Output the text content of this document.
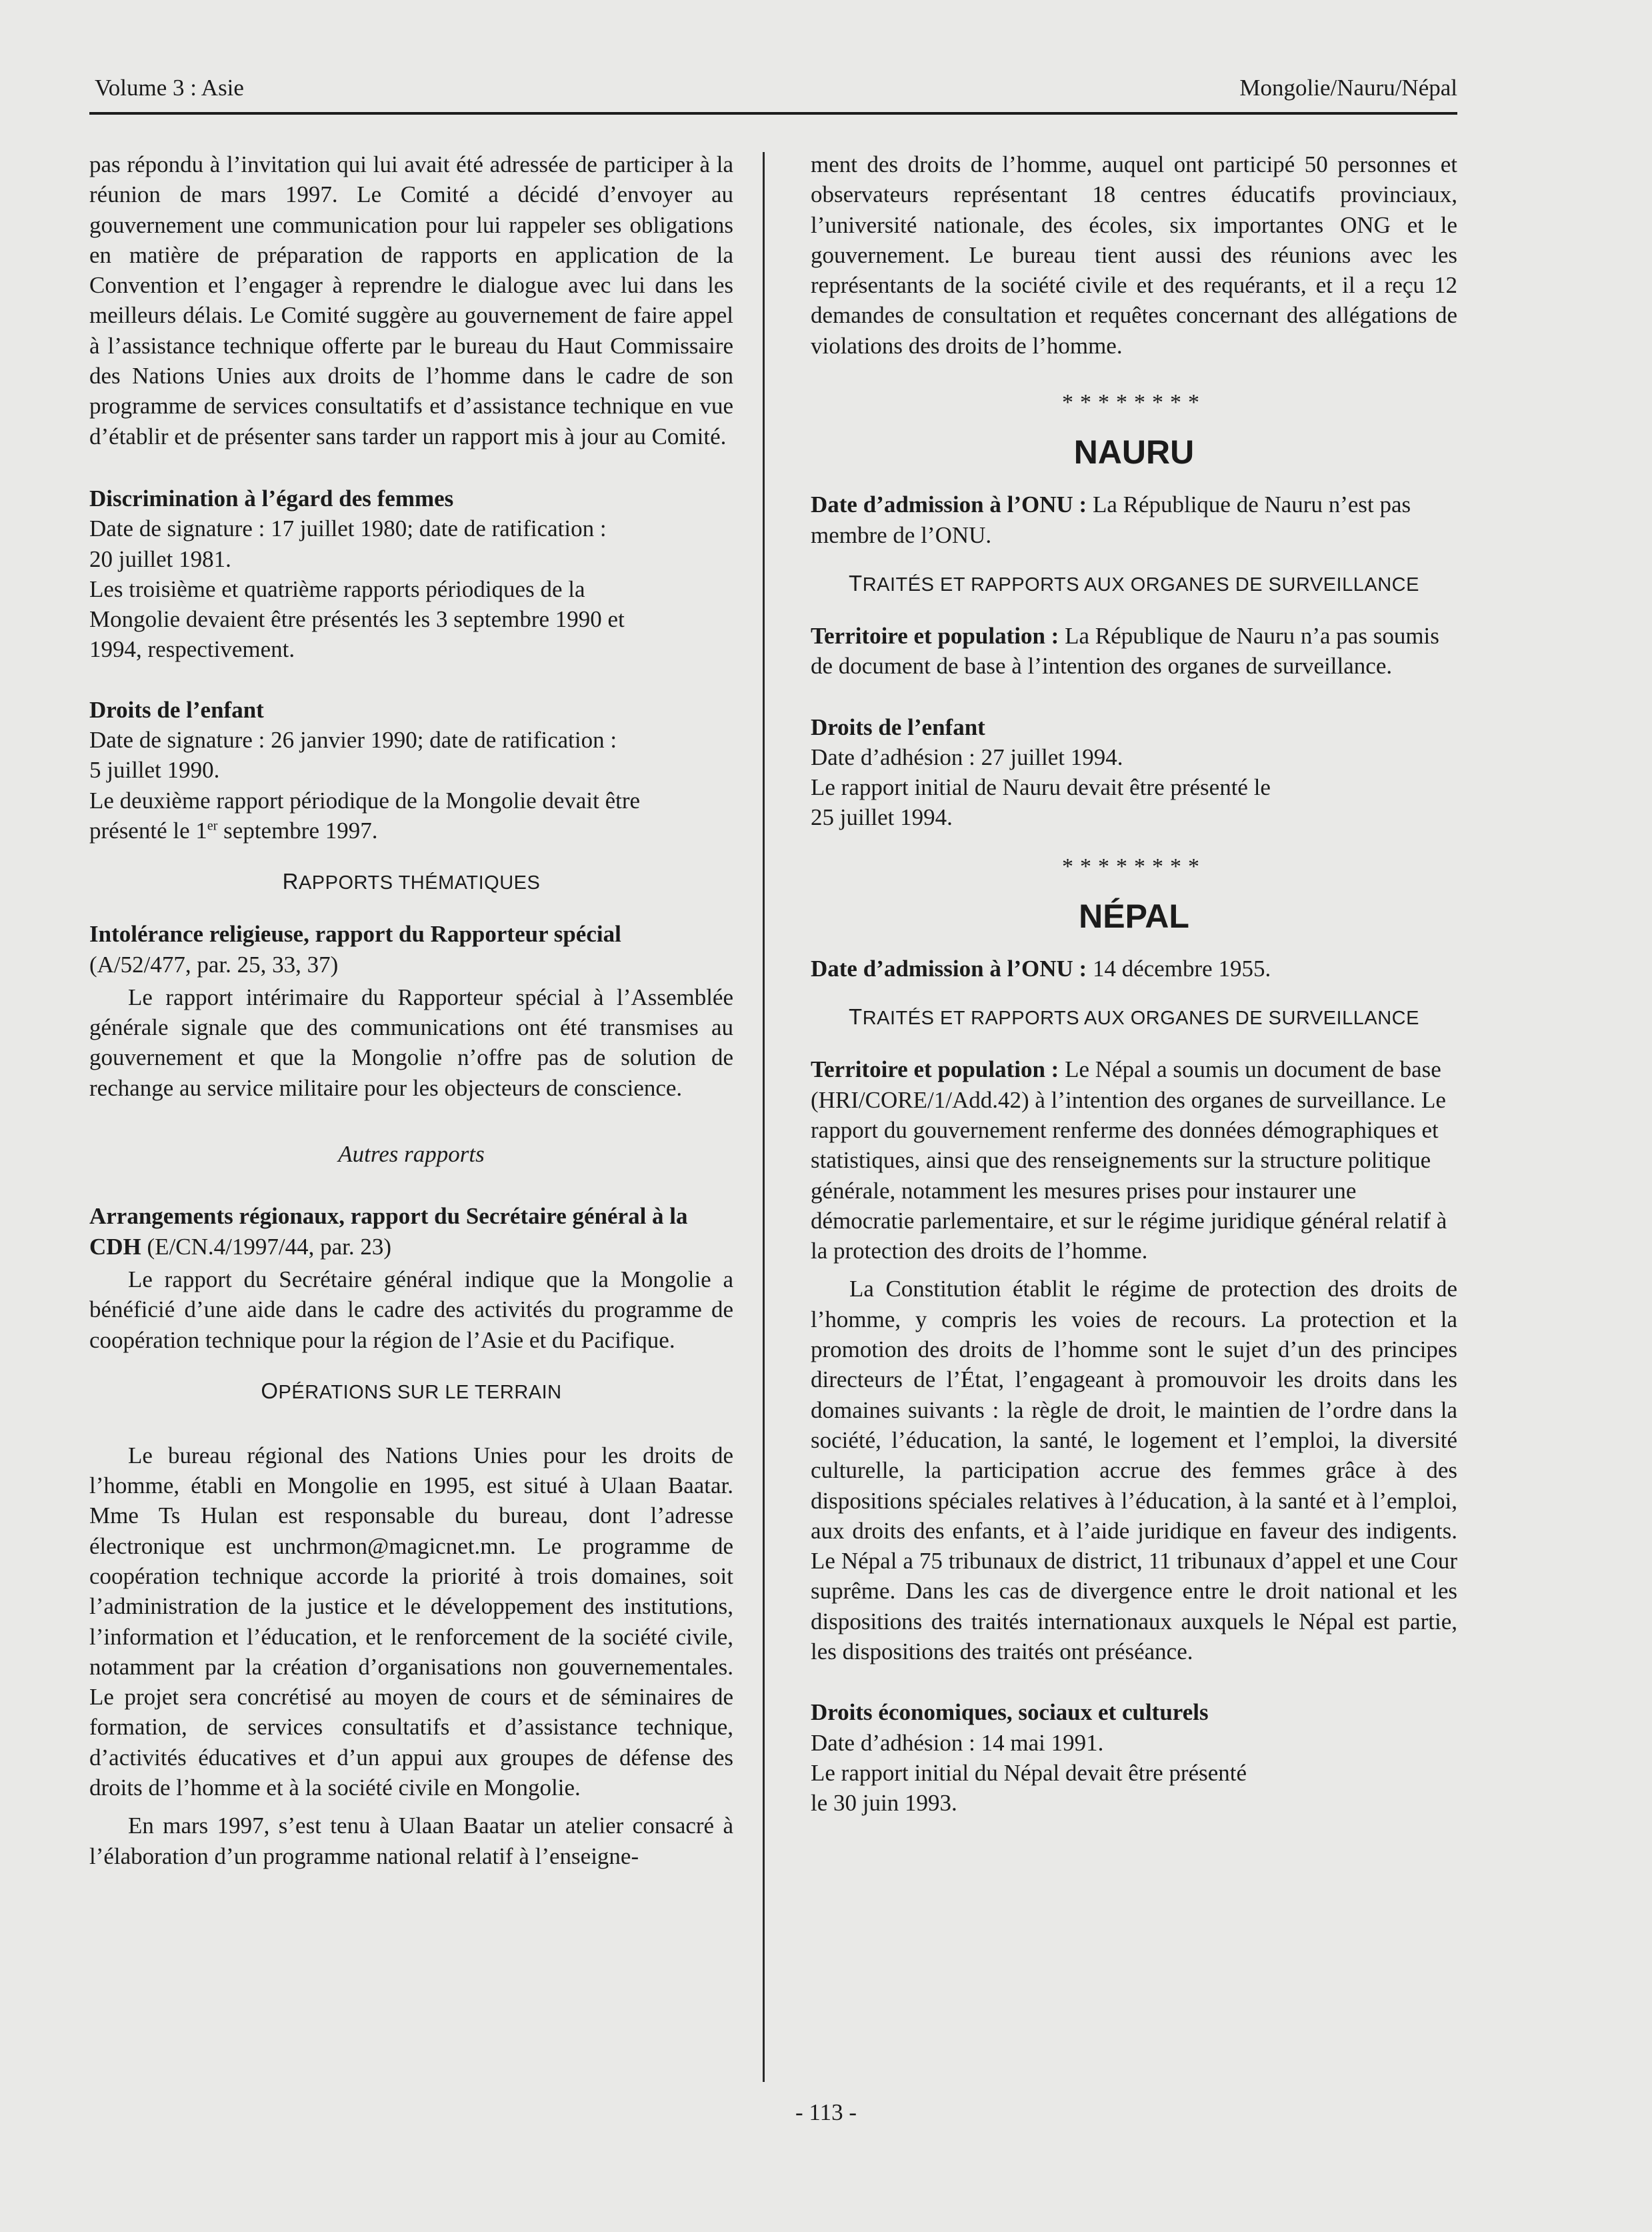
Volume 3 : Asie	Mongolie/Nauru/Népal

pas répondu à l’invitation qui lui avait été adressée de participer à la réunion de mars 1997. Le Comité a décidé d’envoyer au gouvernement une communication pour lui rappeler ses obligations en matière de préparation de rapports en application de la Convention et l’engager à reprendre le dialogue avec lui dans les meilleurs délais. Le Comité suggère au gouvernement de faire appel à l’assistance technique offerte par le bureau du Haut Commissaire des Nations Unies aux droits de l’homme dans le cadre de son programme de services consultatifs et d’assistance technique en vue d’établir et de présenter sans tarder un rapport mis à jour au Comité.

Discrimination à l’égard des femmes

Date de signature : 17 juillet 1980; date de ratification :

20 juillet 1981.

Les troisième et quatrième rapports périodiques de la

Mongolie devaient être présentés les 3 septembre 1990 et

1994, respectivement.

Droits de l’enfant

Date de signature : 26 janvier 1990; date de ratification :

5 juillet 1990.

Le deuxième rapport périodique de la Mongolie devait être

présenté le 1er septembre 1997.

RAPPORTS THÉMATIQUES

Intolérance religieuse, rapport du Rapporteur spécial

(A/52/477, par. 25, 33, 37)

Le rapport intérimaire du Rapporteur spécial à l’Assemblée générale signale que des communications ont été transmises au gouvernement et que la Mongolie n’offre pas de solution de rechange au service militaire pour les objecteurs de conscience.

Autres rapports

Arrangements régionaux, rapport du Secrétaire général à la CDH (E/CN.4/1997/44, par. 23)

Le rapport du Secrétaire général indique que la Mongolie a bénéficié d’une aide dans le cadre des activités du programme de coopération technique pour la région de l’Asie et du Pacifique.

OPÉRATIONS SUR LE TERRAIN

Le bureau régional des Nations Unies pour les droits de l’homme, établi en Mongolie en 1995, est situé à Ulaan Baatar. Mme Ts Hulan est responsable du bureau, dont l’adresse électronique est unchrmon@magicnet.mn. Le programme de coopération technique accorde la priorité à trois domaines, soit l’administration de la justice et le développement des institutions, l’information et l’éducation, et le renforcement de la société civile, notamment par la création d’organisations non gouvernementales. Le projet sera concrétisé au moyen de cours et de séminaires de formation, de services consultatifs et d’assistance technique, d’activités éducatives et d’un appui aux groupes de défense des droits de l’homme et à la société civile en Mongolie.

En mars 1997, s’est tenu à Ulaan Baatar un atelier consacré à l’élaboration d’un programme national relatif à l’enseigne-

ment des droits de l’homme, auquel ont participé 50 personnes et observateurs représentant 18 centres éducatifs provinciaux, l’université nationale, des écoles, six importantes ONG et le gouvernement. Le bureau tient aussi des réunions avec les représentants de la société civile et des requérants, et il a reçu 12 demandes de consultation et requêtes concernant des allégations de violations des droits de l’homme.

********

NAURU

Date d’admission à l’ONU : La République de Nauru n’est pas membre de l’ONU.

TRAITÉS ET RAPPORTS AUX ORGANES DE SURVEILLANCE

Territoire et population : La République de Nauru n’a pas soumis de document de base à l’intention des organes de surveillance.

Droits de l’enfant

Date d’adhésion : 27 juillet 1994.

Le rapport initial de Nauru devait être présenté le

25 juillet 1994.

********

NÉPAL

Date d’admission à l’ONU : 14 décembre 1955.

TRAITÉS ET RAPPORTS AUX ORGANES DE SURVEILLANCE

Territoire et population : Le Népal a soumis un document de base (HRI/CORE/1/Add.42) à l’intention des organes de surveillance. Le rapport du gouvernement renferme des données démographiques et statistiques, ainsi que des renseignements sur la structure politique générale, notamment les mesures prises pour instaurer une démocratie parlementaire, et sur le régime juridique général relatif à la protection des droits de l’homme.

La Constitution établit le régime de protection des droits de l’homme, y compris les voies de recours. La protection et la promotion des droits de l’homme sont le sujet d’un des principes directeurs de l’État, l’engageant à promouvoir les droits dans les domaines suivants : la règle de droit, le maintien de l’ordre dans la société, l’éducation, la santé, le logement et l’emploi, la diversité culturelle, la participation accrue des femmes grâce à des dispositions spéciales relatives à l’éducation, à la santé et à l’emploi, aux droits des enfants, et à l’aide juridique en faveur des indigents. Le Népal a 75 tribunaux de district, 11 tribunaux d’appel et une Cour suprême. Dans les cas de divergence entre le droit national et les dispositions des traités internationaux auxquels le Népal est partie, les dispositions des traités ont préséance.

Droits économiques, sociaux et culturels

Date d’adhésion : 14 mai 1991.

Le rapport initial du Népal devait être présenté

le 30 juin 1993.

- 113 -
